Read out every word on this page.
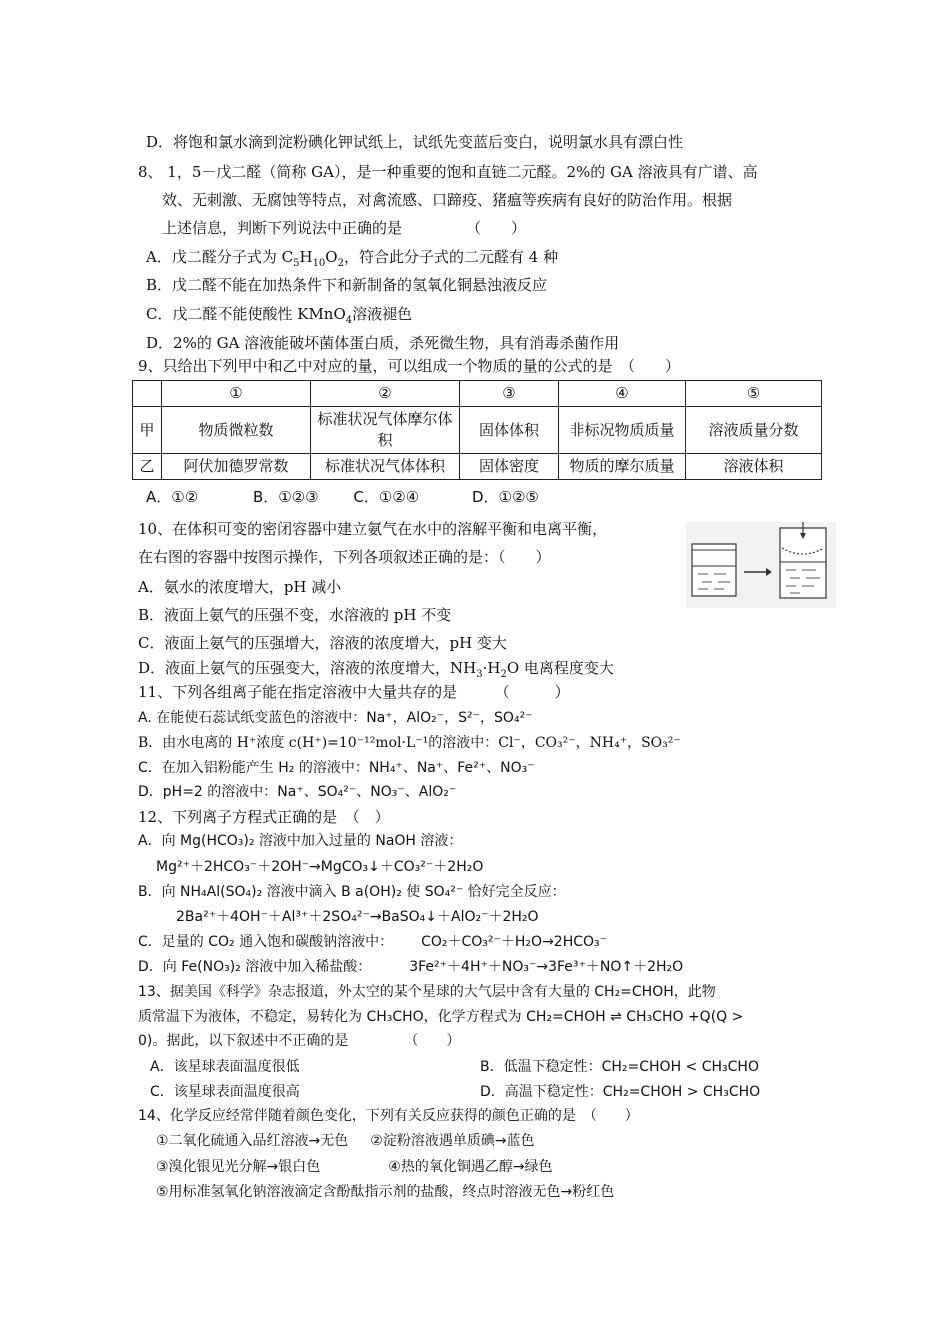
D．将饱和氯水滴到淀粉碘化钾试纸上，试纸先变蓝后变白，说明氯水具有漂白性
8、 1，5－戊二醛（简称 GA），是一种重要的饱和直链二元醛。2%的 GA 溶液具有广谱、高
效、无刺激、无腐蚀等特点，对禽流感、口蹄疫、猪瘟等疾病有良好的防治作用。根据
上述信息，判断下列说法中正确的是	（　　）
A．戊二醛分子式为 $C_5H_{10}O_2$，符合此分子式的二元醛有 4 种
B．戊二醛不能在加热条件下和新制备的氢氧化铜悬浊液反应
C．戊二醛不能使酸性 KMnO$_4$溶液褪色
D．2%的 GA 溶液能破坏菌体蛋白质，杀死微生物，具有消毒杀菌作用
9、只给出下列甲中和乙中对应的量，可以组成一个物质的量的公式的是　（　　）
	①	②	③	④	⑤
甲	物质微粒数	标准状况气体摩尔体积	固体体积	非标况物质质量	溶液质量分数
乙	阿伏加德罗常数	标准状况气体体积	固体密度	物质的摩尔质量	溶液体积
A．①②	B．①②③ C．①②④	D．①②⑤
10、在体积可变的密闭容器中建立氨气在水中的溶解平衡和电离平衡，
在右图的容器中按图示操作，下列各项叙述正确的是：（　　）
A．氨水的浓度增大，pH 减小
B．液面上氨气的压强不变，水溶液的 pH 不变
C．液面上氨气的压强增大，溶液的浓度增大，pH 变大
D．液面上氨气的压强变大，溶液的浓度增大，$NH_3\cdot H_2O$ 电离程度变大
11、下列各组离子能在指定溶液中大量共存的是　　　（　　　）
A. 在能使石蕊试纸变蓝色的溶液中：Na⁺，AlO₂⁻，S²⁻，SO₄²⁻
B．由水电离的 H⁺浓度 c(H⁺)=10⁻¹²mol·L⁻¹的溶液中：Cl⁻，CO₃²⁻，NH₄⁺，SO₃²⁻
C．在加入铝粉能产生 H₂ 的溶液中：NH₄⁺、Na⁺、Fe²⁺、NO₃⁻
D．pH=2 的溶液中：Na⁺、SO₄²⁻、NO₃⁻、AlO₂⁻
12、下列离子方程式正确的是　（　）
A．向 Mg(HCO₃)₂ 溶液中加入过量的 NaOH 溶液：
Mg²⁺＋2HCO₃⁻＋2OH⁻→MgCO₃↓＋CO₃²⁻＋2H₂O
B．向 NH₄Al(SO₄)₂ 溶液中滴入 B a(OH)₂ 使 SO₄²⁻ 恰好完全反应：
2Ba²⁺＋4OH⁻＋Al³⁺＋2SO₄²⁻→BaSO₄↓＋AlO₂⁻＋2H₂O
C．足量的 CO₂ 通入饱和碳酸钠溶液中： CO₂＋CO₃²⁻＋H₂O→2HCO₃⁻
D．向 Fe(NO₃)₂ 溶液中加入稀盐酸：	3Fe²⁺＋4H⁺＋NO₃⁻→3Fe³⁺＋NO↑＋2H₂O
13、据美国《科学》杂志报道，外太空的某个星球的大气层中含有大量的 CH₂=CHOH，此物
质常温下为液体，不稳定，易转化为 CH₃CHO，化学方程式为 CH₂=CHOH ⇌ CH₃CHO +Q(Q >
0)。据此，以下叙述中不正确的是	（　　）
A．该星球表面温度很低	B．低温下稳定性：CH₂=CHOH < CH₃CHO
C．该星球表面温度很高	D．高温下稳定性：CH₂=CHOH > CH₃CHO
14、化学反应经常伴随着颜色变化，下列有关反应获得的颜色正确的是　（　　）
①二氧化硫通入品红溶液→无色 ②淀粉溶液遇单质碘→蓝色
③溴化银见光分解→银白色	④热的氧化铜遇乙醇→绿色
⑤用标准氢氧化钠溶液滴定含酚酞指示剂的盐酸，终点时溶液无色→粉红色
